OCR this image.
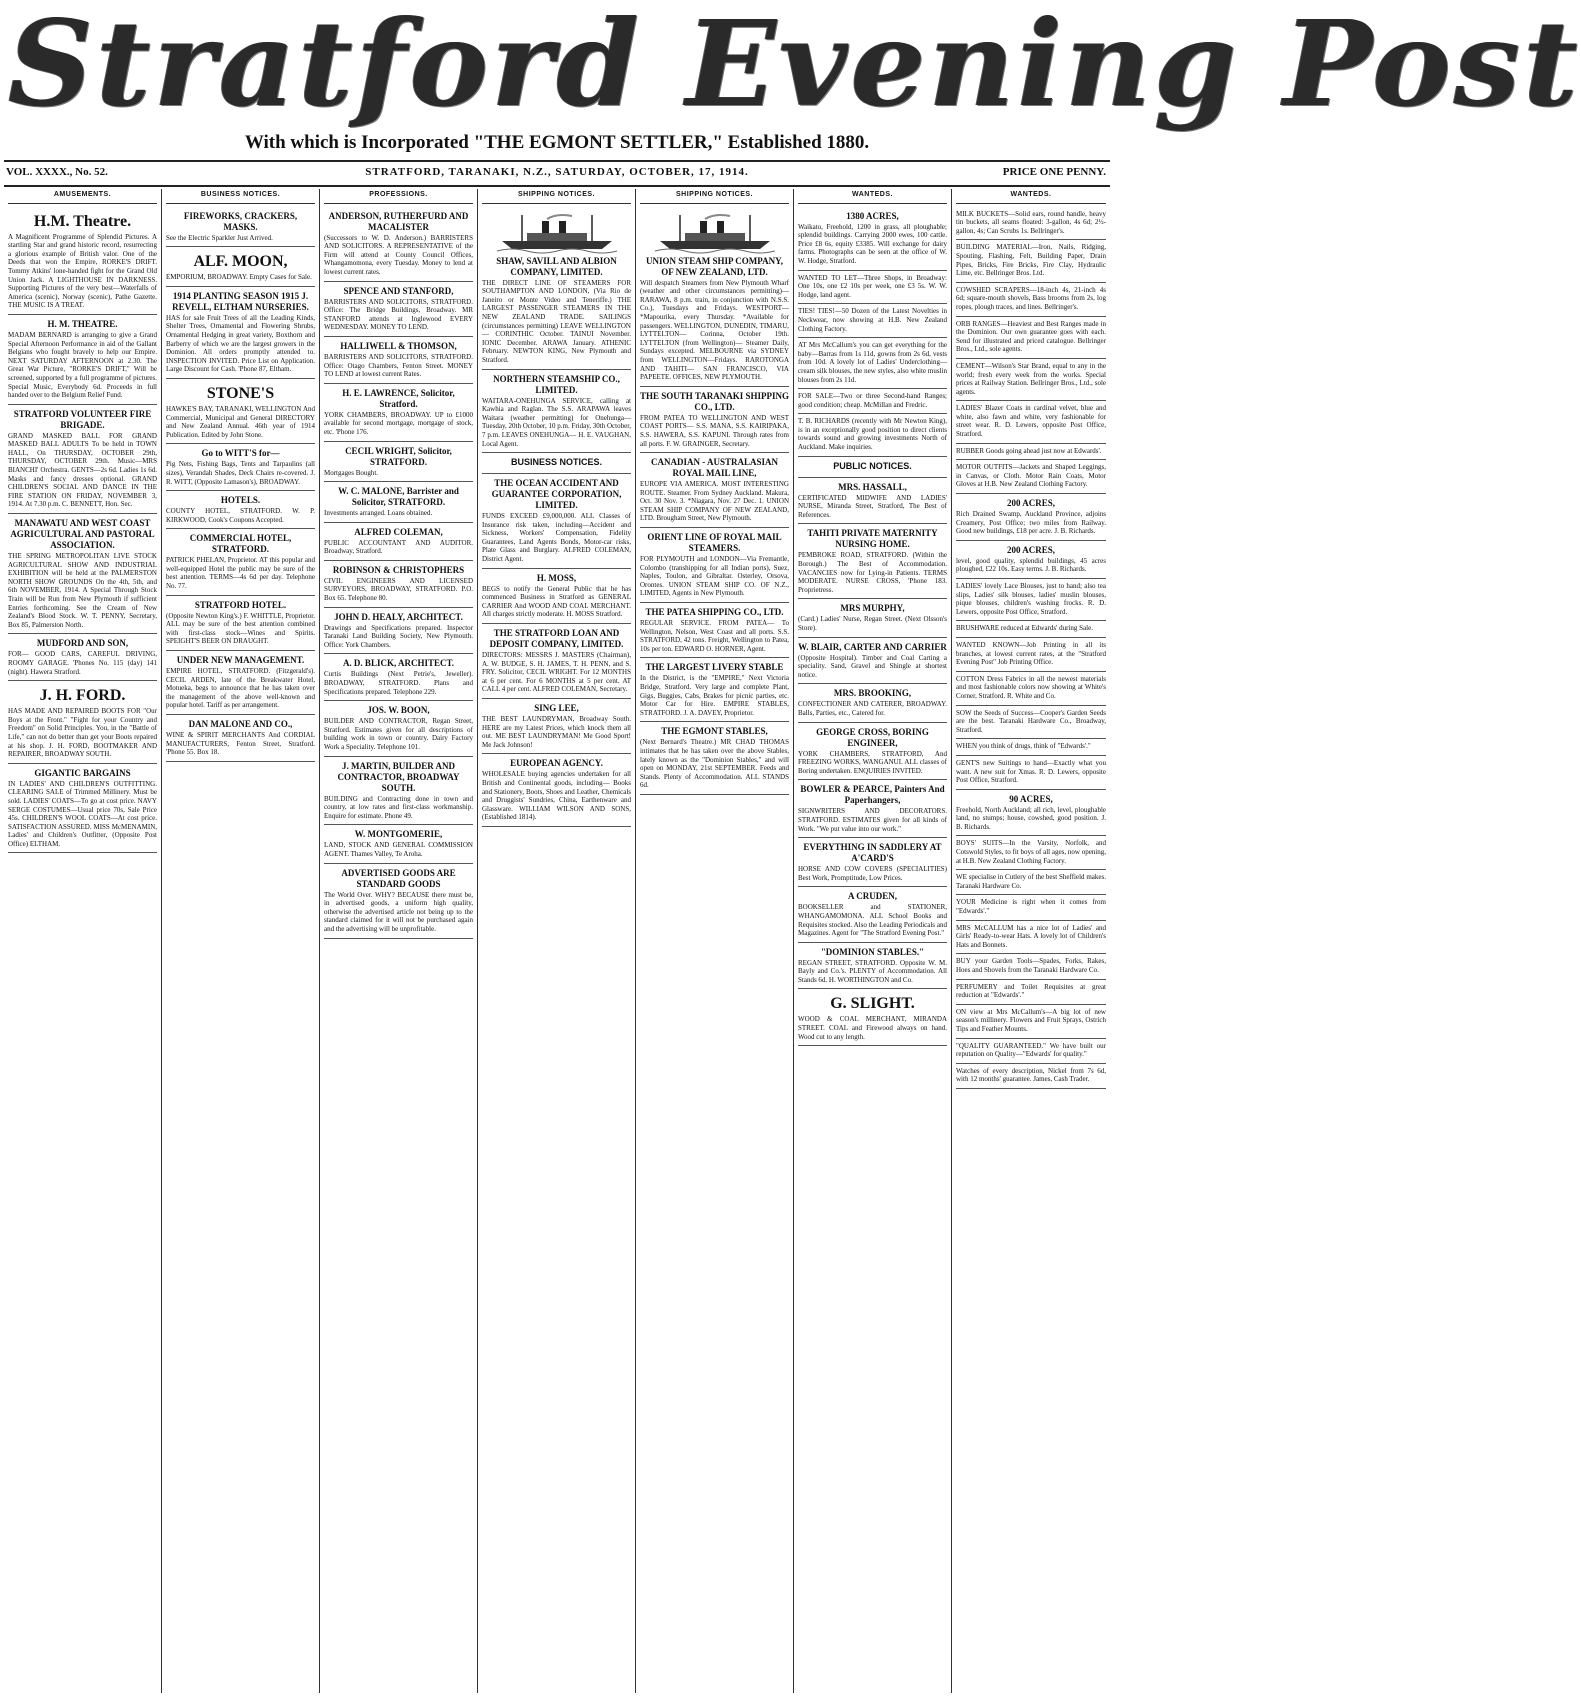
Stratford Evening Post
With which is Incorporated "THE EGMONT SETTLER," Established 1880.
VOL. XXXX., No. 52.	STRATFORD, TARANAKI, N.Z., SATURDAY, OCTOBER, 17, 1914.	PRICE ONE PENNY.
AMUSEMENTS.
H.M. Theatre.

A Magnificent Programme of Splendid Pictures. A startling Star and grand historic record, resurrecting a glorious example of British valor. One of the Deeds that won the Empire, RORKE'S DRIFT. Tommy Atkins' lone-handed fight for the Grand Old Union Jack. A LIGHTHOUSE IN DARKNESS. Supporting Pictures of the very best—Waterfalls of America (scenic), Norway (scenic), Pathe Gazette. THE MUSIC IS A TREAT.

H. M. THEATRE.

MADAM BERNARD is arranging to give a Grand Special Afternoon Performance in aid of the Gallant Belgians who fought bravely to help our Empire. NEXT SATURDAY AFTERNOON at 2.30. The Great War Picture, "RORKE'S DRIFT," Will be screened, supported by a full programme of pictures. Special Music, Everybody 6d. Proceeds in full handed over to the Belgium Relief Fund.

STRATFORD VOLUNTEER FIRE BRIGADE.

GRAND MASKED BALL FOR GRAND MASKED BALL ADULTS To be held in TOWN HALL, On THURSDAY, OCTOBER 29th, THURSDAY, OCTOBER 29th. Music—MRS BIANCHI' Orchestra. GENTS—2s 6d. Ladies 1s 6d. Masks and fancy dresses optional. GRAND CHILDREN'S SOCIAL AND DANCE IN THE FIRE STATION ON FRIDAY, NOVEMBER 3, 1914. At 7.30 p.m. C. BENNETT, Hon. Sec.

MANAWATU AND WEST COAST AGRICULTURAL AND PASTORAL ASSOCIATION.

THE SPRING METROPOLITAN LIVE STOCK AGRICULTURAL SHOW AND INDUSTRIAL EXHIBITION will be held at the PALMERSTON NORTH SHOW GROUNDS On the 4th, 5th, and 6th NOVEMBER, 1914. A Special Through Stock Train will be Run from New Plymouth if sufficient Entries forthcoming. See the Cream of New Zealand's Blood Stock. W. T. PENNY, Secretary, Box 85, Palmerston North.

MUDFORD AND SON,

FOR— GOOD CARS, CAREFUL DRIVING, ROOMY GARAGE. 'Phones No. 115 (day) 141 (night). Hawera Stratford.

J. H. FORD.

HAS MADE AND REPAIRED BOOTS FOR "Our Boys at the Front." "Fight for your Country and Freedom" on Solid Principles. You, in the "Battle of Life," can not do better than get your Boots repaired at his shop. J. H. FORD, BOOTMAKER AND REPAIRER, BROADWAY SOUTH.

GIGANTIC BARGAINS

IN LADIES' AND CHILDREN'S OUTFITTING. CLEARING SALE of Trimmed Millinery. Must be sold. LADIES' COATS—To go at cost price. NAVY SERGE COSTUMES—Usual price 70s, Sale Price 45s. CHILDREN'S WOOL COATS—At cost price. SATISFACTION ASSURED. MISS McMENAMIN, Ladies' and Children's Outfitter, (Opposite Post Office) ELTHAM.

BUSINESS NOTICES.
FIREWORKS, CRACKERS, MASKS.

See the Electric Sparkler Just Arrived.

ALF. MOON,

EMPORIUM, BROADWAY. Empty Cases for Sale.

1914 PLANTING SEASON 1915 J. REVELL, ELTHAM NURSERIES.

HAS for sale Fruit Trees of all the Leading Kinds, Shelter Trees, Ornamental and Flowering Shrubs, Ornamental Hedging in great variety, Boxthorn and Barberry of which we are the largest growers in the Dominion. All orders promptly attended to. INSPECTION INVITED. Price List on Application. Large Discount for Cash. 'Phone 87, Eltham.

STONE'S

HAWKE'S BAY, TARANAKI, WELLINGTON And Commercial, Municipal and General DIRECTORY and New Zealand Annual. 46th year of 1914 Publication. Edited by John Stone.

Go to WITT'S for—

Pig Nets, Fishing Bags, Tents and Tarpaulins (all sizes), Verandah Shades, Deck Chairs re-covered. J. R. WITT, (Opposite Lamason's), BROADWAY.

HOTELS.

COUNTY HOTEL, STRATFORD. W. P. KIRKWOOD, Cook's Coupons Accepted.

COMMERCIAL HOTEL, STRATFORD.

PATRICK PHELAN, Proprietor. AT this popular and well-equipped Hotel the public may be sure of the best attention. TERMS—4s 6d per day. Telephone No. 77.

STRATFORD HOTEL.

(Opposite Newton King's.) F. WHITTLE, Proprietor. ALL may be sure of the best attention combined with first-class stock—Wines and Spirits. SPEIGHT'S BEER ON DRAUGHT.

UNDER NEW MANAGEMENT.

EMPIRE HOTEL, STRATFORD. (Fitzgerald's). CECIL ARDEN, late of the Breakwater Hotel, Motueka, begs to announce that he has taken over the management of the above well-known and popular hotel. Tariff as per arrangement.

DAN MALONE AND CO.,

WINE & SPIRIT MERCHANTS And CORDIAL MANUFACTURERS, Fenton Street, Stratford. 'Phone 55. Box 18.

PROFESSIONS.
ANDERSON, RUTHERFURD AND MACALISTER

(Successors to W. D. Anderson.) BARRISTERS AND SOLICITORS. A REPRESENTATIVE of the Firm will attend at County Council Offices, Whangamomona, every Tuesday. Money to lend at lowest current rates.

SPENCE AND STANFORD,

BARRISTERS AND SOLICITORS, STRATFORD. Office: The Bridge Buildings, Broadway. MR STANFORD attends at Inglewood EVERY WEDNESDAY. MONEY TO LEND.

HALLIWELL & THOMSON,

BARRISTERS AND SOLICITORS, STRATFORD. Office: Otago Chambers, Fenton Street. MONEY TO LEND at lowest current Rates.

H. E. LAWRENCE, Solicitor, Stratford.

YORK CHAMBERS, BROADWAY. UP to £1000 available for second mortgage, mortgage of stock, etc. 'Phone 176.

CECIL WRIGHT, Solicitor, STRATFORD.

Mortgages Bought.

W. C. MALONE, Barrister and Solicitor, STRATFORD.

Investments arranged. Loans obtained.

ALFRED COLEMAN,

PUBLIC ACCOUNTANT AND AUDITOR. Broadway, Stratford.

ROBINSON & CHRISTOPHERS

CIVIL ENGINEERS AND LICENSED SURVEYORS, BROADWAY, STRATFORD. P.O. Box 65. Telephone 80.

JOHN D. HEALY, ARCHITECT.

Drawings and Specifications prepared. Inspector Taranaki Land Building Society, New Plymouth. Office: York Chambers.

A. D. BLICK, ARCHITECT.

Curtis Buildings (Next Petrie's, Jeweller). BROADWAY, STRATFORD. Plans and Specifications prepared. Telephone 229.

JOS. W. BOON,

BUILDER AND CONTRACTOR, Regan Street, Stratford. Estimates given for all descriptions of building work in town or country. Dairy Factory Work a Speciality. Telephone 101.

J. MARTIN, BUILDER AND CONTRACTOR, BROADWAY SOUTH.

BUILDING and Contracting done in town and country, at low rates and first-class workmanship. Enquire for estimate. Phone 49.

W. MONTGOMERIE,

LAND, STOCK AND GENERAL COMMISSION AGENT. Thames Valley, Te Aroha.

ADVERTISED GOODS ARE STANDARD GOODS

The World Over. WHY? BECAUSE there must be, in advertised goods, a uniform high quality, otherwise the advertised article not being up to the standard claimed for it will not be purchased again and the advertising will be unprofitable.

SHIPPING NOTICES.
SHAW, SAVILL AND ALBION COMPANY, LIMITED.

THE DIRECT LINE OF STEAMERS FOR SOUTHAMPTON AND LONDON, (Via Rio de Janeiro or Monte Video and Teneriffe.) THE LARGEST PASSENGER STEAMERS IN THE NEW ZEALAND TRADE. SAILINGS (circumstances permitting) LEAVE WELLINGTON— CORINTHIC October. TAINUI November. IONIC December. ARAWA January. ATHENIC February. NEWTON KING, New Plymouth and Stratford.

NORTHERN STEAMSHIP CO., LIMITED.

WAITARA-ONEHUNGA SERVICE, calling at Kawhia and Raglan. The S.S. ARAPAWA leaves Waitara (weather permitting) for Onehunga— Tuesday, 20th October, 10 p.m. Friday, 30th October, 7 p.m. LEAVES ONEHUNGA— H. E. VAUGHAN, Local Agent.

BUSINESS NOTICES.
THE OCEAN ACCIDENT AND GUARANTEE CORPORATION, LIMITED.

FUNDS EXCEED £9,000,000. ALL Classes of Insurance risk taken, including—Accident and Sickness, Workers' Compensation, Fidelity Guarantees, Land Agents Bonds, Motor-car risks, Plate Glass and Burglary. ALFRED COLEMAN, District Agent.

H. MOSS,

BEGS to notify the General Public that he has commenced Business in Stratford as GENERAL CARRIER And WOOD AND COAL MERCHANT. All charges strictly moderate. H. MOSS Stratford.

THE STRATFORD LOAN AND DEPOSIT COMPANY, LIMITED.

DIRECTORS: MESSRS J. MASTERS (Chairman), A. W. BUDGE, S. H. JAMES, T. H. PENN, and S. FRY. Solicitor, CECIL WRIGHT. For 12 MONTHS at 6 per cent. For 6 MONTHS at 5 per cent. AT CALL 4 per cent. ALFRED COLEMAN, Secretary.

SING LEE,

THE BEST LAUNDRYMAN, Broadway South. HERE are my Latest Prices, which knock them all out. ME BEST LAUNDRYMAN! Me Good Sport! Me Jack Johnson!

EUROPEAN AGENCY.

WHOLESALE buying agencies undertaken for all British and Continental goods, including— Books and Stationery, Boots, Shoes and Leather, Chemicals and Druggists' Sundries, China, Earthenware and Glassware. WILLIAM WILSON AND SONS, (Established 1814).

SHIPPING NOTICES.
UNION STEAM SHIP COMPANY, OF NEW ZEALAND, LTD.

Will despatch Steamers from New Plymouth Wharf (weather and other circumstances permitting)— RARAWA, 8 p.m. train, in conjunction with N.S.S. Co.), Tuesdays and Fridays. WESTPORT— *Mapourika, every Thursday. *Available for passengers. WELLINGTON, DUNEDIN, TIMARU, LYTTELTON— Corinna, October 19th. LYTTELTON (from Wellington)— Steamer Daily, Sundays excepted. MELBOURNE via SYDNEY from WELLINGTON—Fridays. RAROTONGA AND TAHITI— SAN FRANCISCO, VIA PAPEETE. OFFICES, NEW PLYMOUTH.

THE SOUTH TARANAKI SHIPPING CO., LTD.

FROM PATEA TO WELLINGTON AND WEST COAST PORTS— S.S. MANA, S.S. KAIRIPAKA, S.S. HAWERA, S.S. KAPUNI. Through rates from all ports. F. W. GRAINGER, Secretary.

CANADIAN - AUSTRALASIAN ROYAL MAIL LINE,

EUROPE VIA AMERICA. MOST INTERESTING ROUTE. Steamer. From Sydney Auckland. Makura, Oct. 30 Nov. 3. *Niagara, Nov. 27 Dec. 1. UNION STEAM SHIP COMPANY OF NEW ZEALAND, LTD. Brougham Street, New Plymouth.

ORIENT LINE OF ROYAL MAIL STEAMERS.

FOR PLYMOUTH and LONDON—Via Fremantle, Colombo (transhipping for all Indian ports), Suez, Naples, Toulon, and Gibraltar. Osterley, Orsova, Orontes. UNION STEAM SHIP CO. OF N.Z., LIMITED, Agents in New Plymouth.

THE PATEA SHIPPING CO., LTD.

REGULAR SERVICE. FROM PATEA— To Wellington, Nelson, West Coast and all ports. S.S. STRATFORD, 42 tons. Freight, Wellington to Patea, 10s per ton. EDWARD O. HORNER, Agent.

THE LARGEST LIVERY STABLE

In the District, is the "EMPIRE," Next Victoria Bridge, Stratford. Very large and complete Plant, Gigs, Buggies, Cabs, Brakes for picnic parties, etc. Motor Car for Hire. EMPIRE STABLES, STRATFORD. J. A. DAVEY, Proprietor.

THE EGMONT STABLES,

(Next Bernard's Theatre.) MR CHAD THOMAS intimates that he has taken over the above Stables, lately known as the "Dominion Stables," and will open on MONDAY, 21st SEPTEMBER. Feeds and Stands. Plenty of Accommodation. ALL STANDS 6d.

WANTEDS.
1380 ACRES,

Waikato, Freehold, 1200 in grass, all ploughable; splendid buildings. Carrying 2000 ewes, 100 cattle. Price £8 6s, equity £3385. Will exchange for dairy farms. Photographs can be seen at the office of W. W. Hodge, Stratford.

WANTED TO LET—Three Shops, in Broadway: One 10s, one £2 10s per week, one £3 5s. W. W. Hodge, land agent.

TIES! TIES!—50 Dozen of the Latest Novelties in Neckwear, now showing at H.B. New Zealand Clothing Factory.

AT Mrs McCallum's you can get everything for the baby—Barras from 1s 11d, gowns from 2s 6d, vests from 10d. A lovely lot of Ladies' Underclothing—cream silk blouses, the new styles, also white muslin blouses from 2s 11d.

FOR SALE—Two or three Second-hand Ranges; good condition; cheap. McMillan and Fredric.

T. B. RICHARDS (recently with Mr Newton King), is in an exceptionally good position to direct clients towards sound and growing investments North of Auckland. Make inquiries.

PUBLIC NOTICES.
MRS. HASSALL,

CERTIFICATED MIDWIFE AND LADIES' NURSE, Miranda Street, Stratford, The Best of References.

TAHITI PRIVATE MATERNITY NURSING HOME.

PEMBROKE ROAD, STRATFORD. (Within the Borough.) The Best of Accommodation. VACANCIES now for Lying-in Patients. TERMS MODERATE. NURSE CROSS, 'Phone 183. Proprietress.

MRS MURPHY,

(Card.) Ladies' Nurse, Regan Street. (Next Olsson's Store).

W. BLAIR, CARTER AND CARRIER

(Opposite Hospital). Timber and Coal Carting a speciality. Sand, Gravel and Shingle at shortest notice.

MRS. BROOKING,

CONFECTIONER AND CATERER, BROADWAY. Balls, Parties, etc., Catered for.

GEORGE CROSS, BORING ENGINEER,

YORK CHAMBERS, STRATFORD, And FREEZING WORKS, WANGANUI. ALL classes of Boring undertaken. ENQUIRIES INVITED.

BOWLER & PEARCE, Painters And Paperhangers,

SIGNWRITERS AND DECORATORS. STRATFORD. ESTIMATES given for all kinds of Work. "We put value into our work."

EVERYTHING IN SADDLERY AT A'CARD'S

HORSE AND COW COVERS (SPECIALITIES) Best Work, Promptitude, Low Prices.

A CRUDEN,

BOOKSELLER and STATIONER, WHANGAMOMONA. ALL School Books and Requisites stocked. Also the Leading Periodicals and Magazines. Agent for "The Stratford Evening Post."

"DOMINION STABLES."

REGAN STREET, STRATFORD. Opposite W. M. Bayly and Co.'s. PLENTY of Accommodation. All Stands 6d. H. WORTHINGTON and Co.

G. SLIGHT.

WOOD & COAL MERCHANT, MIRANDA STREET. COAL and Firewood always on hand. Wood cut to any length.

WANTEDS.

MILK BUCKETS—Solid ears, round handle, heavy tin buckets, all seams floated: 3-gallon, 4s 6d; 2½-gallon, 4s; Can Scrubs 1s. Bellringer's.

BUILDING MATERIAL—Iron, Nails, Ridging, Spouting, Flashing, Felt, Building Paper, Drain Pipes, Bricks, Fire Bricks, Fire Clay, Hydraulic Lime, etc. Bellringer Bros. Ltd.

COWSHED SCRAPERS—18-inch 4s, 21-inch 4s 6d; square-mouth shovels, Bass brooms from 2s, log ropes, plough traces, and lines. Bellringer's.

ORB RANGES—Heaviest and Best Ranges made in the Dominion. Our own guarantee goes with each. Send for illustrated and priced catalogue. Bellringer Bros., Ltd., sole agents.

CEMENT—Wilson's Star Brand, equal to any in the world; fresh every week from the works. Special prices at Railway Station. Bellringer Bros., Ltd., sole agents.

LADIES' Blazer Coats in cardinal velvet, blue and white, also fawn and white, very fashionable for street wear. R. D. Lewers, opposite Post Office, Stratford.

RUBBER Goods going ahead just now at Edwards'.

MOTOR OUTFITS—Jackets and Shaped Leggings, in Canvas, or Cloth. Motor Rain Coats, Motor Gloves at H.B. New Zealand Clothing Factory.

200 ACRES,

Rich Drained Swamp, Auckland Province, adjoins Creamery, Post Office; two miles from Railway. Good new buildings, £18 per acre. J. B. Richards.

200 ACRES,

level, good quality, splendid buildings, 45 acres ploughed, £22 10s. Easy terms. J. B. Richards.

LADIES' lovely Lace Blouses, just to hand; also tea slips, Ladies' silk blouses, ladies' muslin blouses, pique blouses, children's washing frocks. R. D. Lewers, opposite Post Office, Stratford.

BRUSHWARE reduced at Edwards' during Sale.

WANTED KNOWN—Job Printing in all its branches, at lowest current rates, at the "Stratford Evening Post" Job Printing Office.

COTTON Dress Fabrics in all the newest materials and most fashionable colors now showing at White's Corner, Stratford. R. White and Co.

SOW the Seeds of Success—Cooper's Garden Seeds are the best. Taranaki Hardware Co., Broadway, Stratford.

WHEN you think of drugs, think of "Edwards'."

GENT'S new Suitings to hand—Exactly what you want. A new suit for Xmas. R. D. Lewers, opposite Post Office, Stratford.

90 ACRES,

Freehold, North Auckland; all rich, level, ploughable land, no stumps; house, cowshed, good position. J. B. Richards.

BOYS' SUITS—In the Varsity, Norfolk, and Cotswold Styles, to fit boys of all ages, now opening, at H.B. New Zealand Clothing Factory.

WE specialise in Cutlery of the best Sheffield makes. Taranaki Hardware Co.

YOUR Medicine is right when it comes from "Edwards'."

MRS McCALLUM has a nice lot of Ladies' and Girls' Ready-to-wear Hats. A lovely lot of Children's Hats and Bonnets.

BUY your Garden Tools—Spades, Forks, Rakes, Hoes and Shovels from the Taranaki Hardware Co.

PERFUMERY and Toilet Requisites at great reduction at "Edwards'."

ON view at Mrs McCallum's—A big lot of new season's millinery. Flowers and Fruit Sprays, Ostrich Tips and Feather Mounts.

"QUALITY GUARANTEED." We have built our reputation on Quality—"Edwards' for quality."

Watches of every description, Nickel from 7s 6d, with 12 months' guarantee. James, Cash Trader.
